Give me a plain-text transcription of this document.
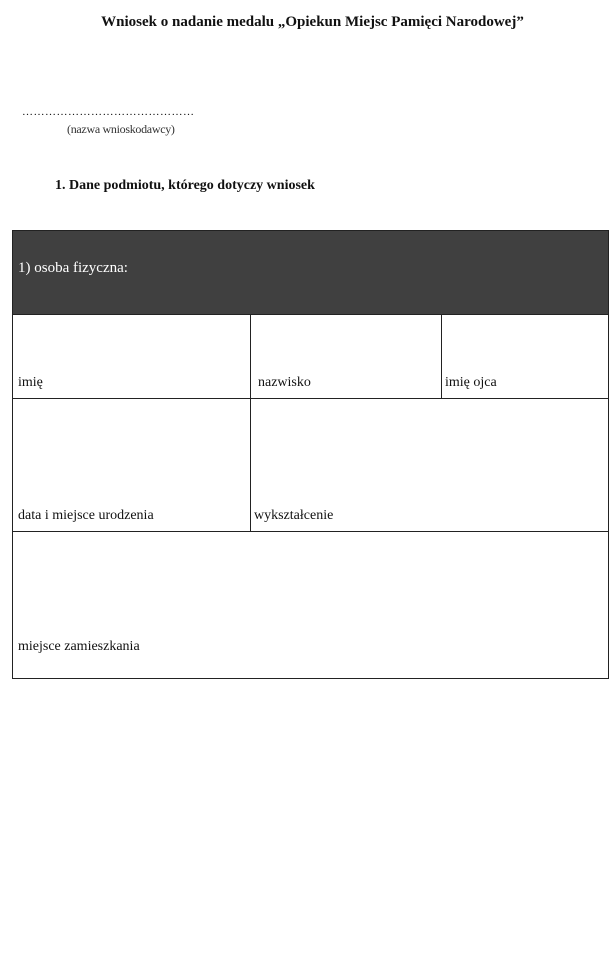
Wniosek o nadanie medalu „Opiekun Miejsc Pamięci Narodowej”
………………………………………
(nazwa wnioskodawcy)
1. Dane podmiotu, którego dotyczy wniosek
1) osoba fizyczna:
imię	nazwisko	imię ojca
data i miejsce urodzenia	wykształcenie
miejsce zamieszkania
